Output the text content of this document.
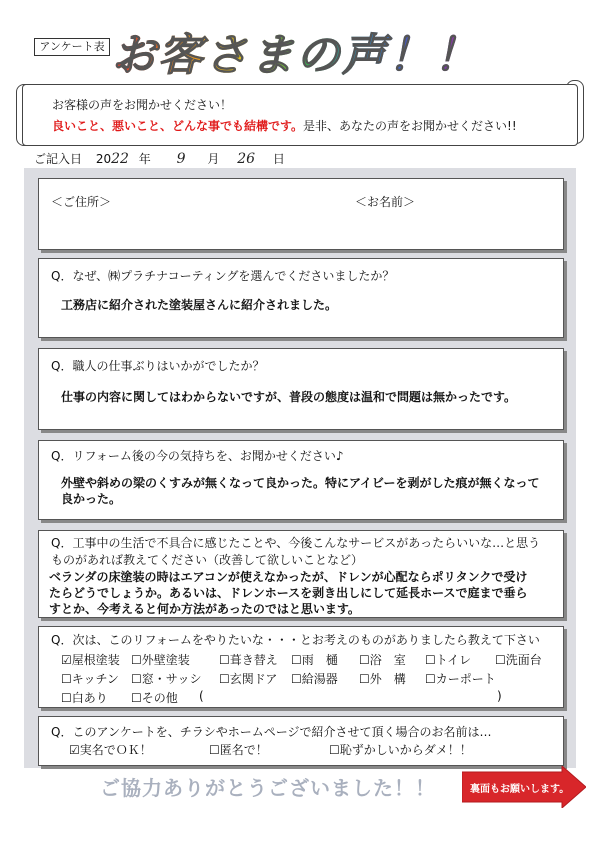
アンケート表 お客さまの声！！
お客様の声をお聞かせください！
良いこと、悪いこと、どんな事でも結構です。是非、あなたの声をお聞かせください!!
ご記入日 2022 年 9 月 26 日
＜ご住所＞	＜お名前＞
Q．なぜ、㈱プラチナコーティングを選んでくださいましたか？
工務店に紹介された塗装屋さんに紹介されました。
Q．職人の仕事ぶりはいかがでしたか？
仕事の内容に関してはわからないですが、普段の態度は温和で問題は無かったです。
Q．リフォーム後の今の気持ちを、お聞かせください♪
外壁や斜めの梁のくすみが無くなって良かった。特にアイビーを剥がした痕が無くなって
良かった。
Q．工事中の生活で不具合に感じたことや、今後こんなサービスがあったらいいな…と思う
ものがあれば教えてください（改善して欲しいことなど）
ベランダの床塗装の時はエアコンが使えなかったが、ドレンが心配ならポリタンクで受け
たらどうでしょうか。あるいは、ドレンホースを剥き出しにして延長ホースで庭まで垂ら
すとか、今考えると何か方法があったのではと思います。
Q．次は、このリフォームをやりたいな・・・とお考えのものがありましたら教えて下さい
☑屋根塗装 ☐外壁塗装 ☐葺き替え ☐雨　樋 ☐浴　室 ☐トイレ ☐洗面台
☐キッチン ☐窓・サッシ ☐玄関ドア ☐給湯器 ☐外　構 ☐カーポート
☐白あり ☐その他 (	)
Q．このアンケートを、チラシやホームページで紹介させて頂く場合のお名前は…
☑実名でＯＫ！	☐匿名で！	☐恥ずかしいからダメ！！
ご協力ありがとうございました！！	裏面もお願いします。
